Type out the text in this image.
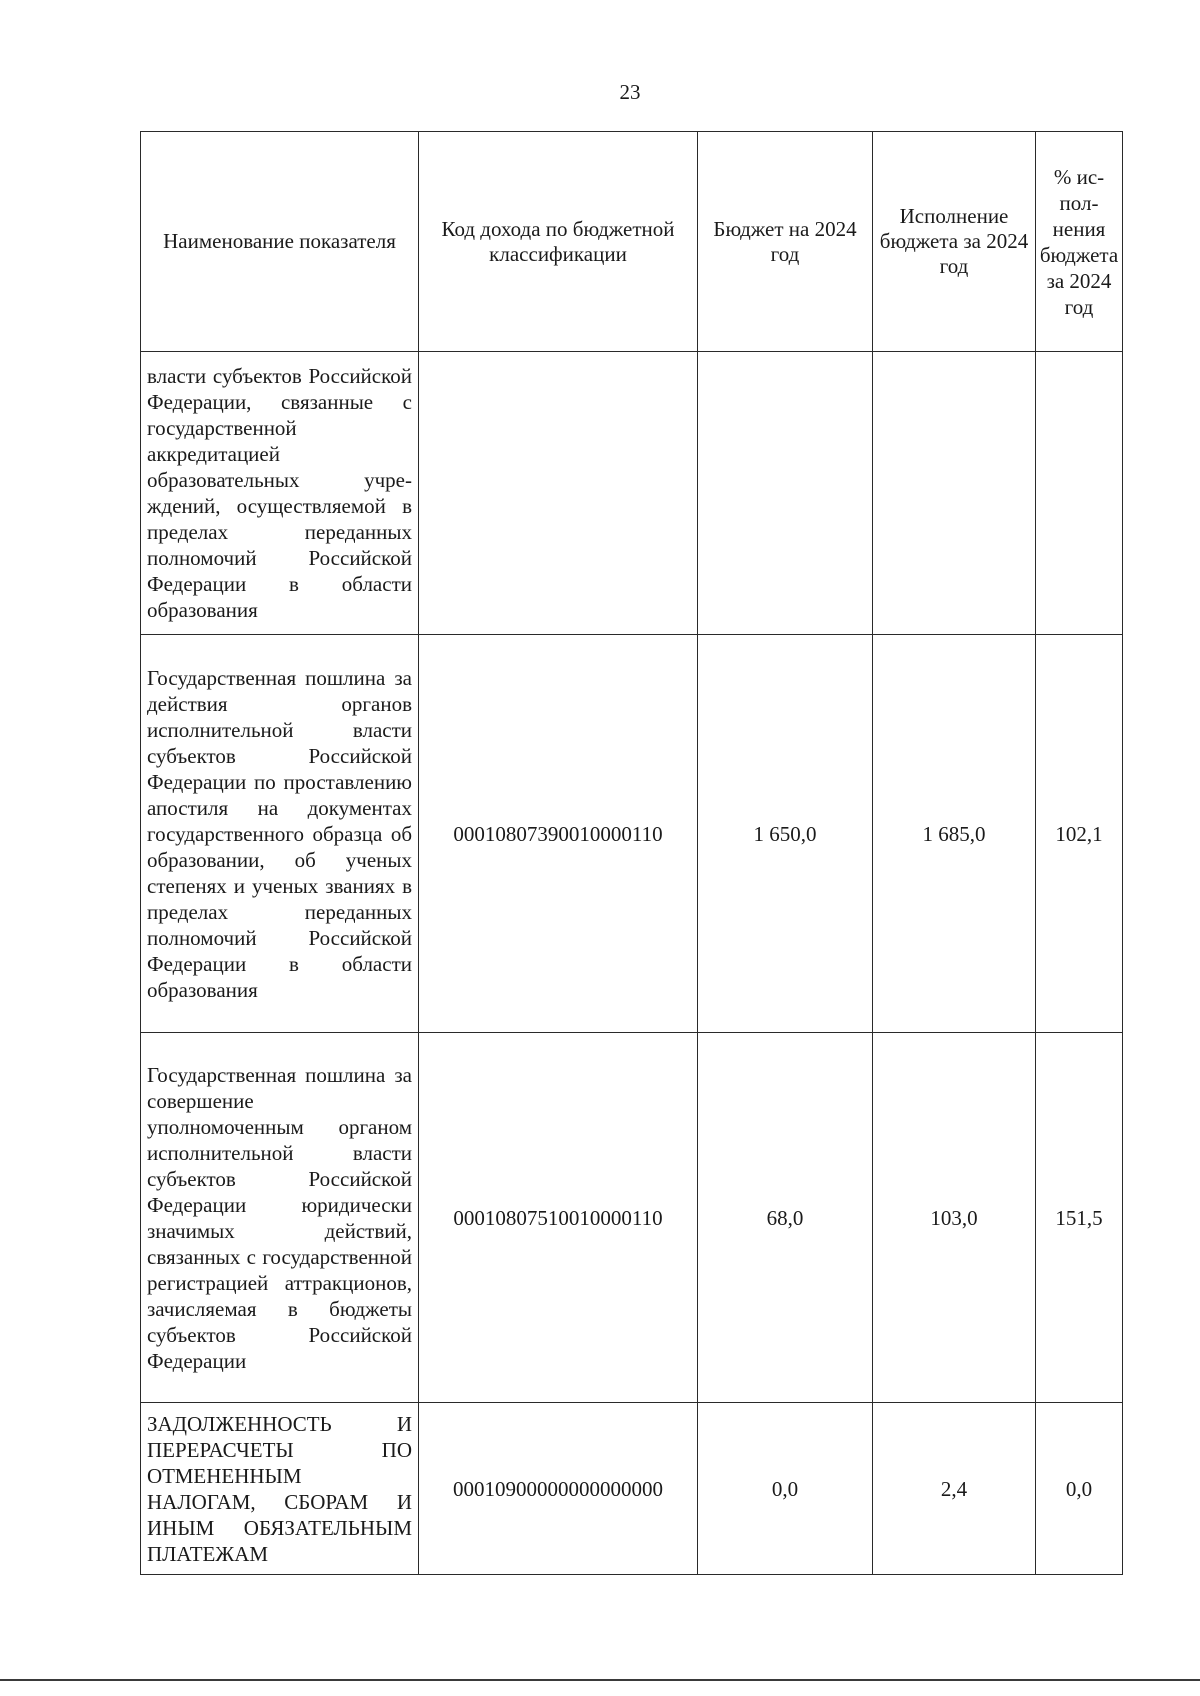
23
Наименование показателя	Код дохода по бюджетной классификации	Бюджет на 2024 год	Исполнение бюджета за 2024 год	% исполнения бюджета за 2024 год
власти субъектов Российской Федерации, связанные с государственной аккредитацией образовательных учреждений, осуществляемой в пределах переданных полномочий Российской Федерации в области образования				
Государственная пошлина за действия органов исполнительной власти субъектов Российской Федерации по проставлению апостиля на документах государственного образца об образовании, об ученых степенях и ученых званиях в пределах переданных полномочий Российской Федерации в области образования	00010807390010000110	1 650,0	1 685,0	102,1
Государственная пошлина за совершение уполномоченным органом исполнительной власти субъектов Российской Федерации юридически значимых действий, связанных с государственной регистрацией аттракционов, зачисляемая в бюджеты субъектов Российской Федерации	00010807510010000110	68,0	103,0	151,5
ЗАДОЛЖЕННОСТЬ И ПЕРЕРАСЧЕТЫ ПО ОТМЕНЕННЫМ НАЛОГАМ, СБОРАМ И ИНЫМ ОБЯЗАТЕЛЬНЫМ ПЛАТЕЖАМ	00010900000000000000	0,0	2,4	0,0
